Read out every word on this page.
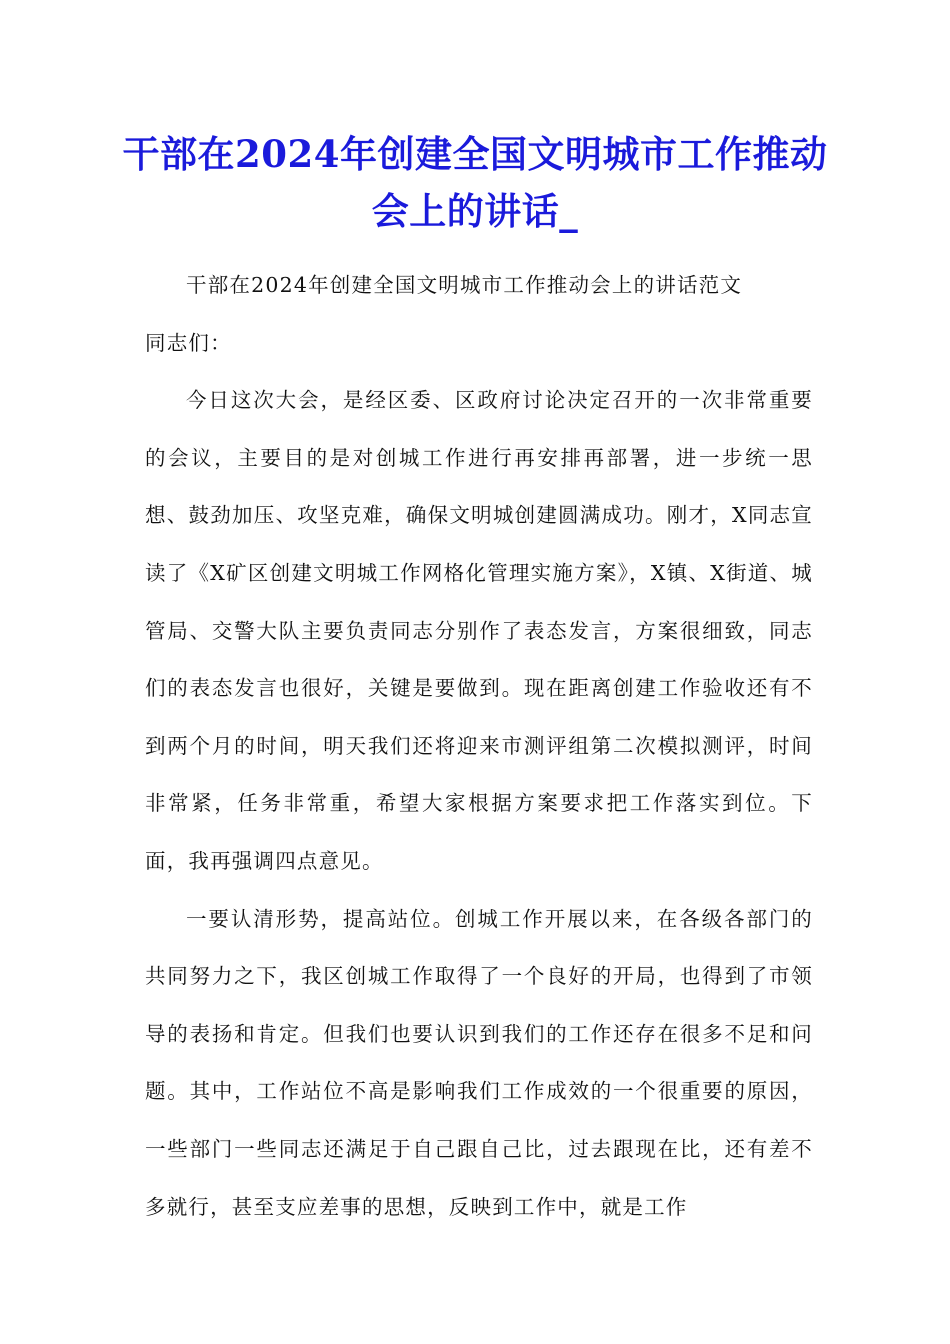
干部在2024年创建全国文明城市工作推动会上的讲话_

干部在2024年创建全国文明城市工作推动会上的讲话范文

同志们：

今日这次大会，是经区委、区政府讨论决定召开的一次非常重要的会议，主要目的是对创城工作进行再安排再部署，进一步统一思想、鼓劲加压、攻坚克难，确保文明城创建圆满成功。刚才，X同志宣读了《X矿区创建文明城工作网格化管理实施方案》，X镇、X街道、城管局、交警大队主要负责同志分别作了表态发言，方案很细致，同志们的表态发言也很好，关键是要做到。现在距离创建工作验收还有不到两个月的时间，明天我们还将迎来市测评组第二次模拟测评，时间非常紧，任务非常重，希望大家根据方案要求把工作落实到位。下面，我再强调四点意见。

一要认清形势，提高站位。创城工作开展以来，在各级各部门的共同努力之下，我区创城工作取得了一个良好的开局，也得到了市领导的表扬和肯定。但我们也要认识到我们的工作还存在很多不足和问题。其中，工作站位不高是影响我们工作成效的一个很重要的原因，一些部门一些同志还满足于自己跟自己比，过去跟现在比，还有差不多就行，甚至支应差事的思想，反映到工作中，就是工作
